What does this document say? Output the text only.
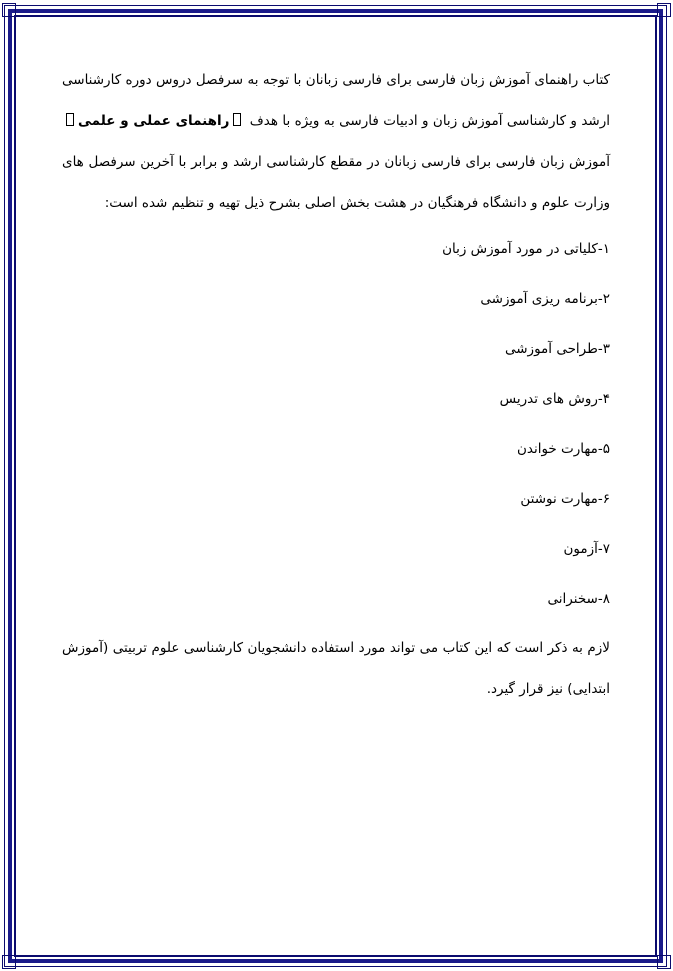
کتاب راهنمای آموزش زبان فارسی برای فارسی زبانان با توجه به سرفصل دروس دوره کارشناسی ارشد و کارشناسی آموزش زبان و ادبیات فارسی به ویژه با هدف راهنمای عملی و علمی آموزش زبان فارسی برای فارسی زبانان در مقطع کارشناسی ارشد و برابر با آخرین سرفصل های وزارت علوم و دانشگاه فرهنگیان در هشت بخش اصلی بشرح ذیل تهیه و تنظیم شده است:

۱-کلیاتی در مورد آموزش زبان
۲-برنامه ریزی آموزشی
۳-طراحی آموزشی
۴-روش های تدریس
۵-مهارت خواندن
۶-مهارت نوشتن
۷-آزمون
۸-سخنرانی

لازم به ذکر است که این کتاب می تواند مورد استفاده دانشجویان کارشناسی علوم تربیتی (آموزش ابتدایی) نیز قرار گیرد.
